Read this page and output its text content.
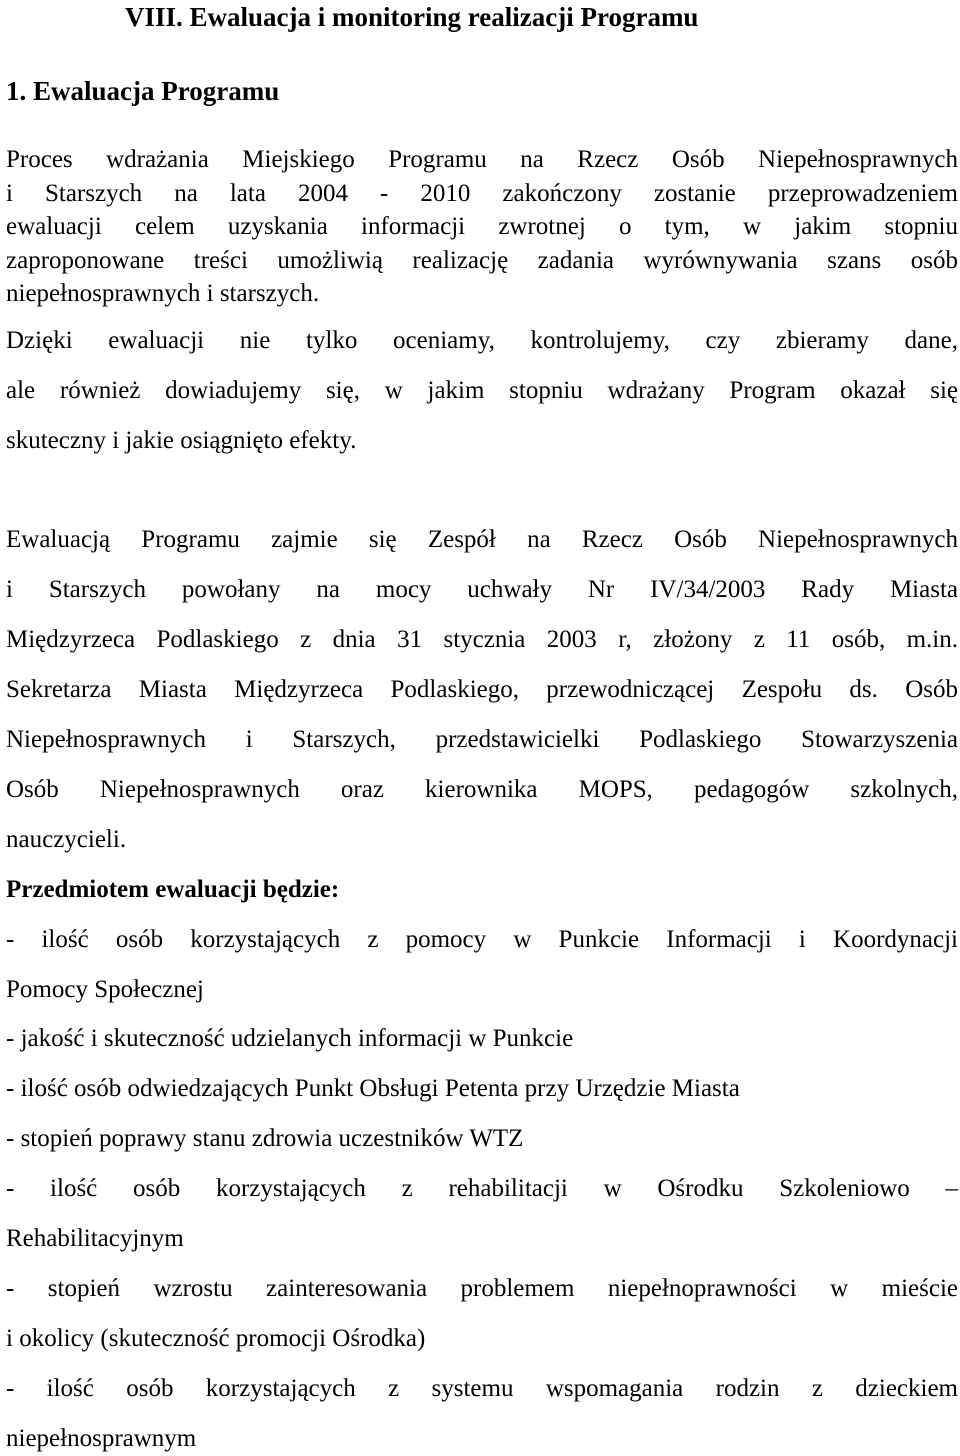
VIII. Ewaluacja i monitoring realizacji Programu
1. Ewaluacja Programu
Proces wdrażania Miejskiego Programu na Rzecz Osób Niepełnosprawnych
i Starszych na lata 2004 - 2010 zakończony zostanie przeprowadzeniem
ewaluacji celem uzyskania informacji zwrotnej o tym, w jakim stopniu
zaproponowane treści umożliwią realizację zadania wyrównywania szans osób
niepełnosprawnych i starszych.
Dzięki ewaluacji nie tylko oceniamy, kontrolujemy, czy zbieramy dane,
ale również dowiadujemy się, w jakim stopniu wdrażany Program okazał się
skuteczny i jakie osiągnięto efekty.
Ewaluacją Programu zajmie się Zespół na Rzecz Osób Niepełnosprawnych
i Starszych powołany na mocy uchwały Nr IV/34/2003 Rady Miasta
Międzyrzeca Podlaskiego z dnia 31 stycznia 2003 r, złożony z 11 osób, m.in.
Sekretarza Miasta Międzyrzeca Podlaskiego, przewodniczącej Zespołu ds. Osób
Niepełnosprawnych i Starszych, przedstawicielki Podlaskiego Stowarzyszenia
Osób Niepełnosprawnych oraz kierownika MOPS, pedagogów szkolnych,
nauczycieli.
Przedmiotem ewaluacji będzie:
- ilość osób korzystających z pomocy w Punkcie Informacji i Koordynacji
Pomocy Społecznej
- jakość i skuteczność udzielanych informacji w Punkcie
- ilość osób odwiedzających Punkt Obsługi Petenta przy Urzędzie Miasta
- stopień poprawy stanu zdrowia uczestników WTZ
- ilość osób korzystających z rehabilitacji w Ośrodku Szkoleniowo –
Rehabilitacyjnym
- stopień wzrostu zainteresowania problemem niepełnoprawności w mieście
i okolicy (skuteczność promocji Ośrodka)
- ilość osób korzystających z systemu wspomagania rodzin z dzieckiem
niepełnosprawnym
